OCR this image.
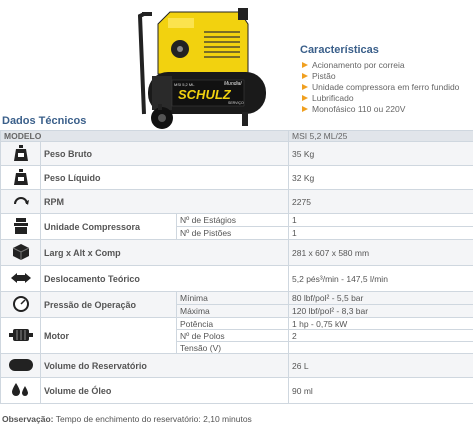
Mundial
MSI 5,2 ML
SCHULZ
SERVIÇO
Características
Acionamento por correia
Pistão
Unidade compressora em ferro fundido
Lubrificado
Monofásico 110 ou 220V
Dados Técnicos
MODELO			MSI 5,2 ML/25
	Peso Bruto		35 Kg
	Peso Líquido		32 Kg
	RPM		2275
	Unidade Compressora	Nº de Estágios	1
		Nº de Pistões	1
	Larg x Alt x Comp		281 x 607 x 580 mm
	Deslocamento Teórico		5,2 pés³/min - 147,5 l/min
	Pressão de Operação	Mínima	80 lbf/pol² - 5,5 bar
		Máxima	120 lbf/pol² - 8,3 bar
	Motor	Potência	1 hp - 0,75 kW
		Nº de Polos	2
		Tensão (V)	
	Volume do Reservatório		26 L
	Volume de Óleo		90 ml
Observação: Tempo de enchimento do reservatório: 2,10 minutos
